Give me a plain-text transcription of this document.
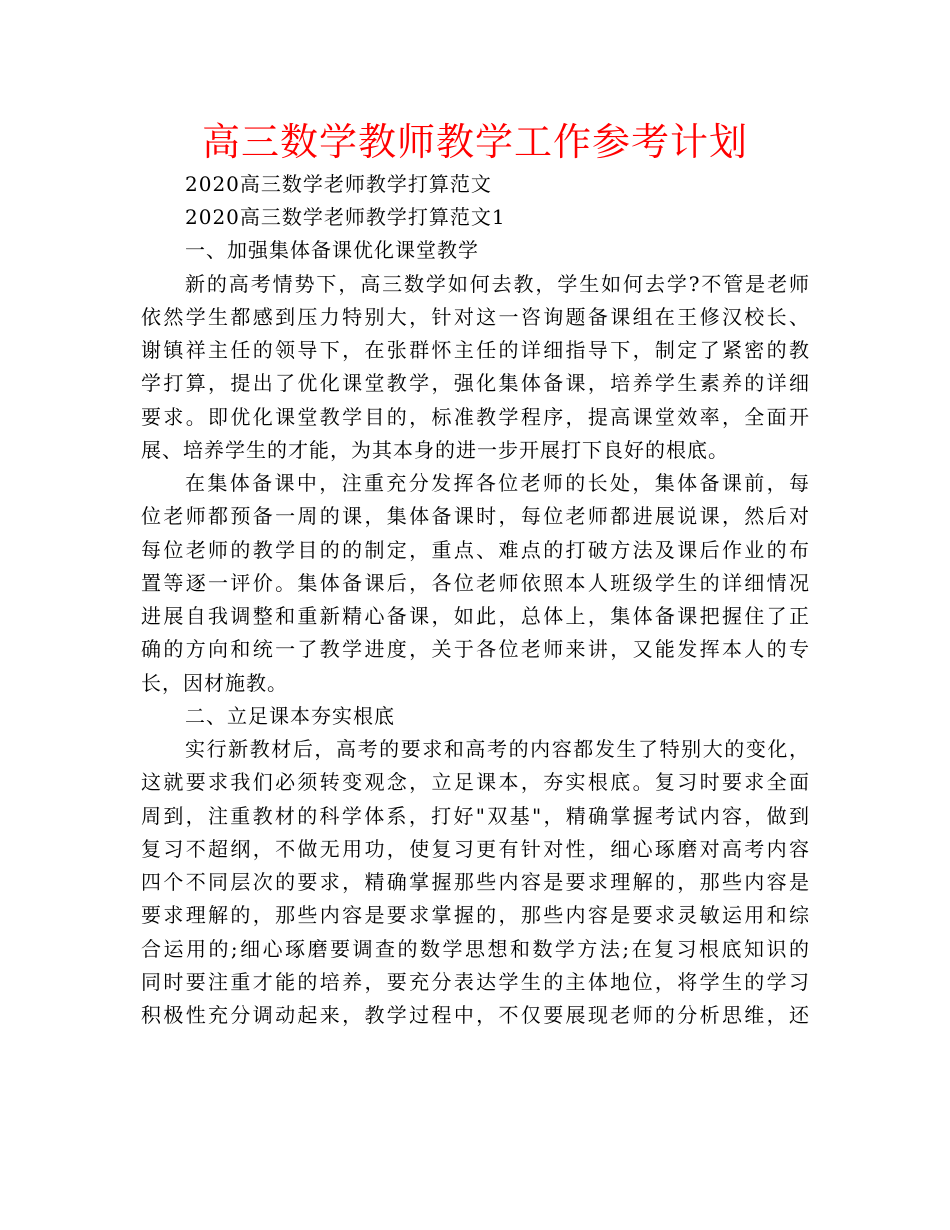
高三数学教师教学工作参考计划
2020高三数学老师教学打算范文
2020高三数学老师教学打算范文1
一、加强集体备课优化课堂教学
新的高考情势下，高三数学如何去教，学生如何去学?不管是老师
依然学生都感到压力特别大，针对这一咨询题备课组在王修汉校长、
谢镇祥主任的领导下，在张群怀主任的详细指导下，制定了紧密的教
学打算，提出了优化课堂教学，强化集体备课，培养学生素养的详细
要求。即优化课堂教学目的，标准教学程序，提高课堂效率，全面开
展、培养学生的才能，为其本身的进一步开展打下良好的根底。
在集体备课中，注重充分发挥各位老师的长处，集体备课前，每
位老师都预备一周的课，集体备课时，每位老师都进展说课，然后对
每位老师的教学目的的制定，重点、难点的打破方法及课后作业的布
置等逐一评价。集体备课后，各位老师依照本人班级学生的详细情况
进展自我调整和重新精心备课，如此，总体上，集体备课把握住了正
确的方向和统一了教学进度，关于各位老师来讲，又能发挥本人的专
长，因材施教。
二、立足课本夯实根底
实行新教材后，高考的要求和高考的内容都发生了特别大的变化，
这就要求我们必须转变观念，立足课本，夯实根底。复习时要求全面
周到，注重教材的科学体系，打好"双基"，精确掌握考试内容，做到
复习不超纲，不做无用功，使复习更有针对性，细心琢磨对高考内容
四个不同层次的要求，精确掌握那些内容是要求理解的，那些内容是
要求理解的，那些内容是要求掌握的，那些内容是要求灵敏运用和综
合运用的;细心琢磨要调查的数学思想和数学方法;在复习根底知识的
同时要注重才能的培养，要充分表达学生的主体地位，将学生的学习
积极性充分调动起来，教学过程中，不仅要展现老师的分析思维，还
